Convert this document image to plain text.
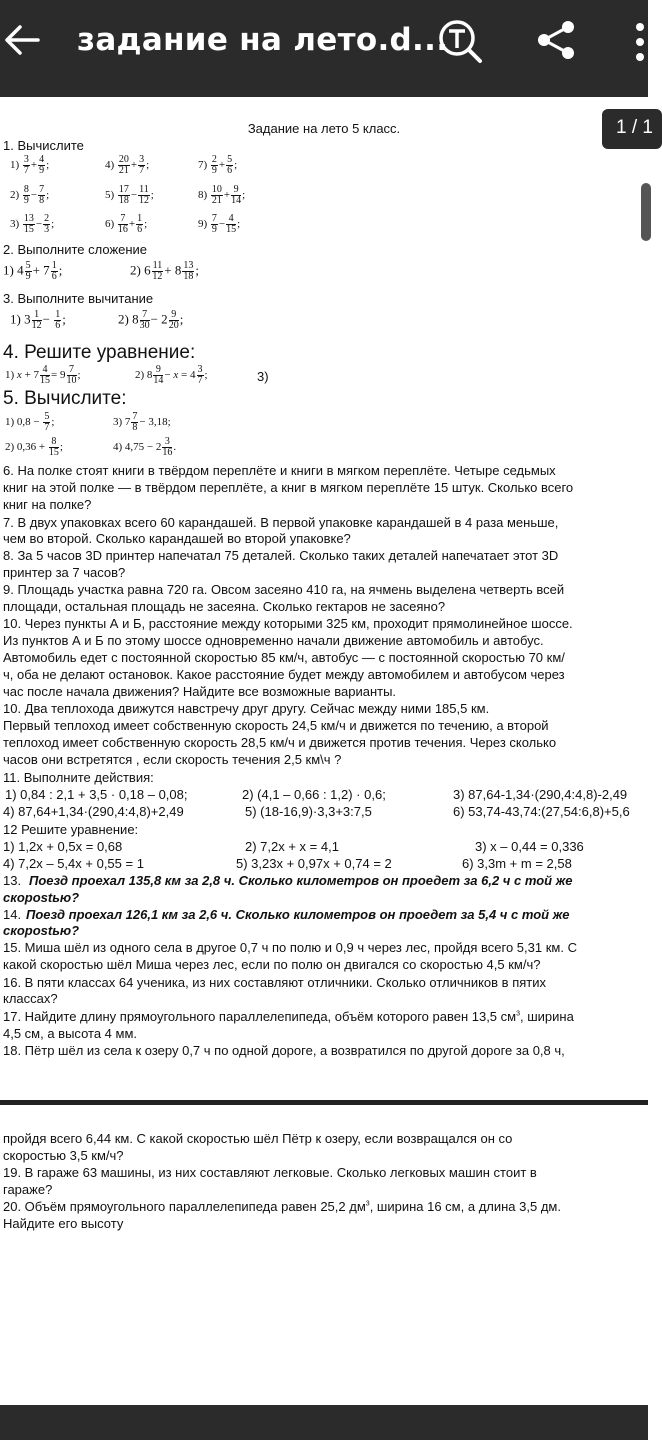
задание на лето.d...
Задание на лето 5 класс.	1 / 1
1. Вычислите
$1) \frac{3}{7} + \frac{4}{9}$ ;	$4) \frac{20}{21} + \frac{3}{7}$ ;	$7) \frac{2}{9} + \frac{5}{6}$ ;
$2) \frac{8}{9} - \frac{7}{8}$ ;	$5) \frac{17}{18} - \frac{11}{12}$ ;	$8) \frac{10}{21} + \frac{9}{14}$ ;
$3) \frac{13}{15} - \frac{2}{3}$ ;	$6) \frac{7}{16} + \frac{1}{6}$ ;	$9) \frac{7}{9} - \frac{4}{15}$ ;
2. Выполните сложение
1) $4 \frac{5}{9} + 7 \frac{1}{6}$ ;	2) $6 \frac{11}{12} + 8 \frac{13}{18}$ ;
3. Выполните вычитание
1) $3 \frac{1}{12} - \frac{1}{6}$ ;	2) $8 \frac{7}{30} - 2 \frac{9}{20}$ ;
4. Решите уравнение:
1) $x + 7 \frac{4}{15} = 9 \frac{7}{10}$ ;	2) $8 \frac{9}{14} - x = 4 \frac{3}{7}$ ;	3)
5. Вычислите:
1) $0,8 - \frac{5}{7}$ ;	3) $7 \frac{7}{8} - 3,18$;
2) $0,36 + \frac{8}{15}$ ;	4) $4,75 - 2 \frac{3}{16}$ .
6. На полке стоят книги в твёрдом переплёте и книги в мягком переплёте. Четыре седьмых
книг на этой полке — в твёрдом переплёте, а книг в мягком переплёте 15 штук. Сколько всего
книг на полке?
7. В двух упаковках всего 60 карандашей. В первой упаковке карандашей в 4 раза меньше,
чем во второй. Сколько карандашей во второй упаковке?
8. За 5 часов 3D принтер напечатал 75 деталей. Сколько таких деталей напечатает этот 3D
принтер за 7 часов?
9. Площадь участка равна 720 га. Овсом засеяно 410 га, на ячмень выделена четверть всей
площади, остальная площадь не засеяна. Сколько гектаров не засеяно?
10. Через пункты А и Б, расстояние между которыми 325 км, проходит прямолинейное шоссе.
Из пунктов А и Б по этому шоссе одновременно начали движение автомобиль и автобус.
Автомобиль едет с постоянной скоростью 85 км/ч, автобус — с постоянной скоростью 70 км/
ч, оба не делают остановок. Какое расстояние будет между автомобилем и автобусом через
час после начала движения? Найдите все возможные варианты.
10. Два теплохода движутся навстречу друг другу. Сейчас между ними 185,5 км.
Первый теплоход имеет собственную скорость 24,5 км/ч и движется по течению, а второй
теплоход имеет собственную скорость 28,5 км/ч и движется против течения. Через сколько
часов они встретятся , если скорость течения 2,5 км\ч ?
11. Выполните действия:
1) 0,84 : 2,1 + 3,5 · 0,18 – 0,08;	2) (4,1 – 0,66 : 1,2) · 0,6;	3) 87,64-1,34·(290,4:4,8)-2,49
4) 87,64+1,34·(290,4:4,8)+2,49	5) (18-16,9)·3,3+3:7,5	6) 53,74-43,74:(27,54:6,8)+5,6
12 Решите уравнение:
1) 1,2х + 0,5х = 0,68	2) 7,2х + х = 4,1	3) х – 0,44 = 0,336
4) 7,2х – 5,4х + 0,55 = 1	5) 3,23х + 0,97х + 0,74 = 2	6) 3,3m + m = 2,58
13. Поезд проехал 135,8 км за 2,8 ч. Сколько километров он проедет за 6,2 ч с той же
скорostью?
14. Поезд проехал 126,1 км за 2,6 ч. Сколько километров он проедет за 5,4 ч с той же
скорostью?
15. Миша шёл из одного села в другое 0,7 ч по полю и 0,9 ч через лес, пройдя всего 5,31 км. С
какой скоростью шёл Миша через лес, если по полю он двигался со скоростью 4,5 км/ч?
16. В пяти классах 64 ученика, из них составляют отличники. Сколько отличников в пятих
классах?
17. Найдите длину прямоугольного параллелепипеда, объём которого равен 13,5 $см^3$, ширина
4,5 см, а высота 4 мм.
18. Пётр шёл из села к озеру 0,7 ч по одной дороге, а возвратился по другой дороге за 0,8 ч,
пройдя всего 6,44 км. С какой скоростью шёл Пётр к озеру, если возвращался он со
скоростью 3,5 км/ч?
19. В гараже 63 машины, из них составляют легковые. Сколько легковых машин стоит в
гараже?
20. Объём прямоугольного параллелепипеда равен 25,2 $дм^3$, ширина 16 см, а длина 3,5 дм.
Найдите его высоту
